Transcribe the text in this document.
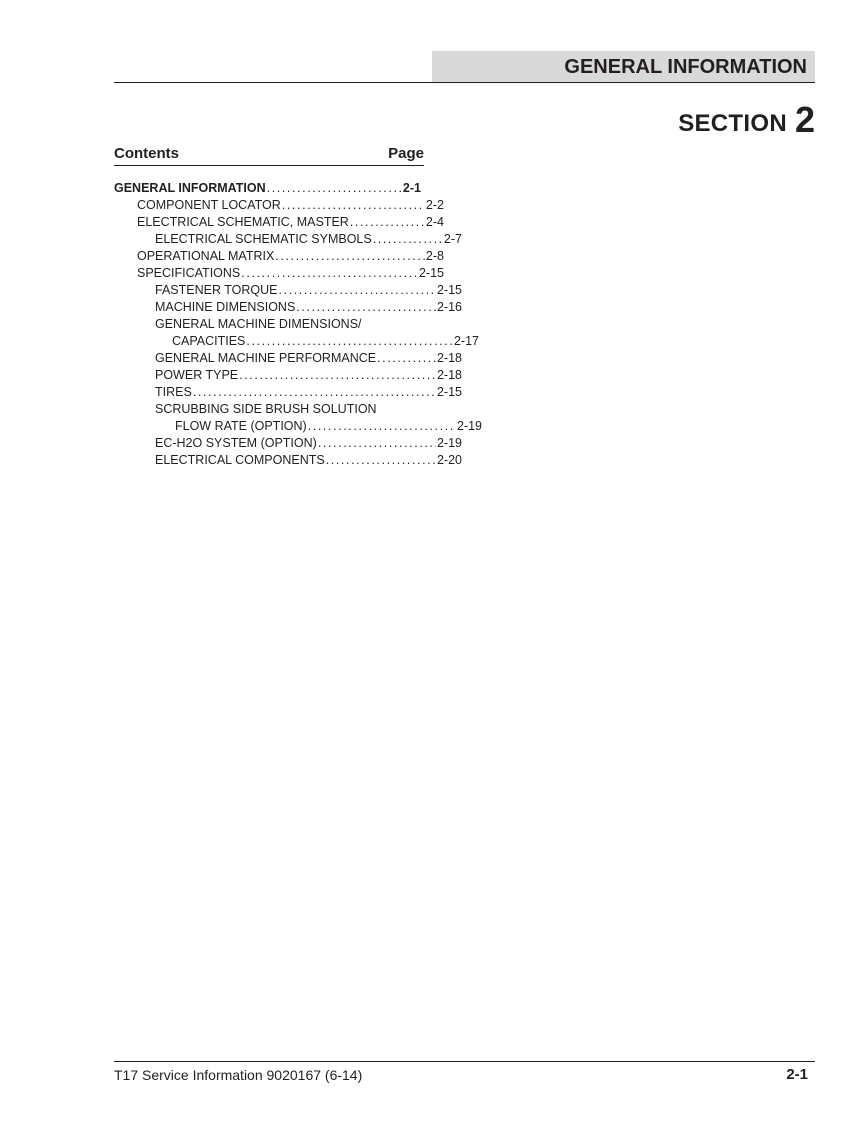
GENERAL INFORMATION
SECTION 2
Contents	Page
GENERAL INFORMATION .....	2-1
COMPONENT LOCATOR .....	2-2
ELECTRICAL SCHEMATIC, MASTER .....	2-4
ELECTRICAL SCHEMATIC SYMBOLS .....	2-7
OPERATIONAL MATRIX .....	2-8
SPECIFICATIONS .....	2-15
FASTENER TORQUE .....	2-15
MACHINE DIMENSIONS .....	2-16
GENERAL MACHINE DIMENSIONS/
CAPACITIES .....	2-17
GENERAL MACHINE PERFORMANCE .....	2-18
POWER TYPE .....	2-18
TIRES .....	2-15
SCRUBBING SIDE BRUSH SOLUTION
FLOW RATE (OPTION) .....	2-19
EC-H2O SYSTEM (OPTION) .....	2-19
ELECTRICAL COMPONENTS .....	2-20
T17 Service Information 9020167 (6-14)	2-1
